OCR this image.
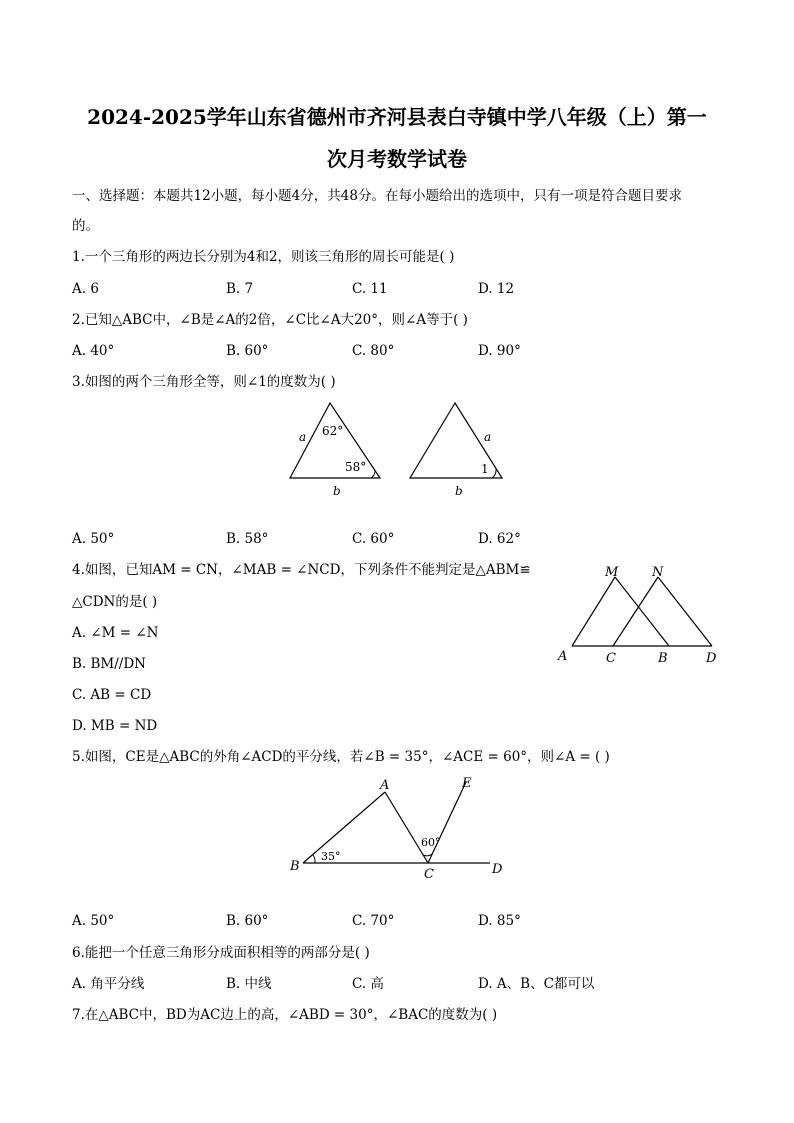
2024-2025学年山东省德州市齐河县表白寺镇中学八年级（上）第一
次月考数学试卷
一、选择题：本题共12小题，每小题4分，共48分。在每小题给出的选项中，只有一项是符合题目要求
的。
1.一个三角形的两边长分别为4和2，则该三角形的周长可能是( )
A. 6	B. 7	C. 11	D. 12
2.已知△ABC中，∠B是∠A的2倍，∠C比∠A大20°，则∠A等于( )
A. 40°	B. 60°	C. 80°	D. 90°
3.如图的两个三角形全等，则∠1的度数为( )
a 62°
58°
b
a
1
b
A. 50°	B. 58°	C. 60°	D. 62°
4.如图，已知AM = CN，∠MAB = ∠NCD，下列条件不能判定是△ABM≌
△CDN的是( )
A. ∠M = ∠N
B. BM//DN
C. AB = CD
D. MB = ND
M	N
A	C	B	D
5.如图，CE是△ABC的外角∠ACD的平分线，若∠B = 35°，∠ACE = 60°，则∠A = ( )
A	E
35°
60°
B
C	D
A. 50°	B. 60°	C. 70°	D. 85°
6.能把一个任意三角形分成面积相等的两部分是( )
A. 角平分线	B. 中线	C. 高	D. A、B、C都可以
7.在△ABC中，BD为AC边上的高，∠ABD = 30°，∠BAC的度数为( )
